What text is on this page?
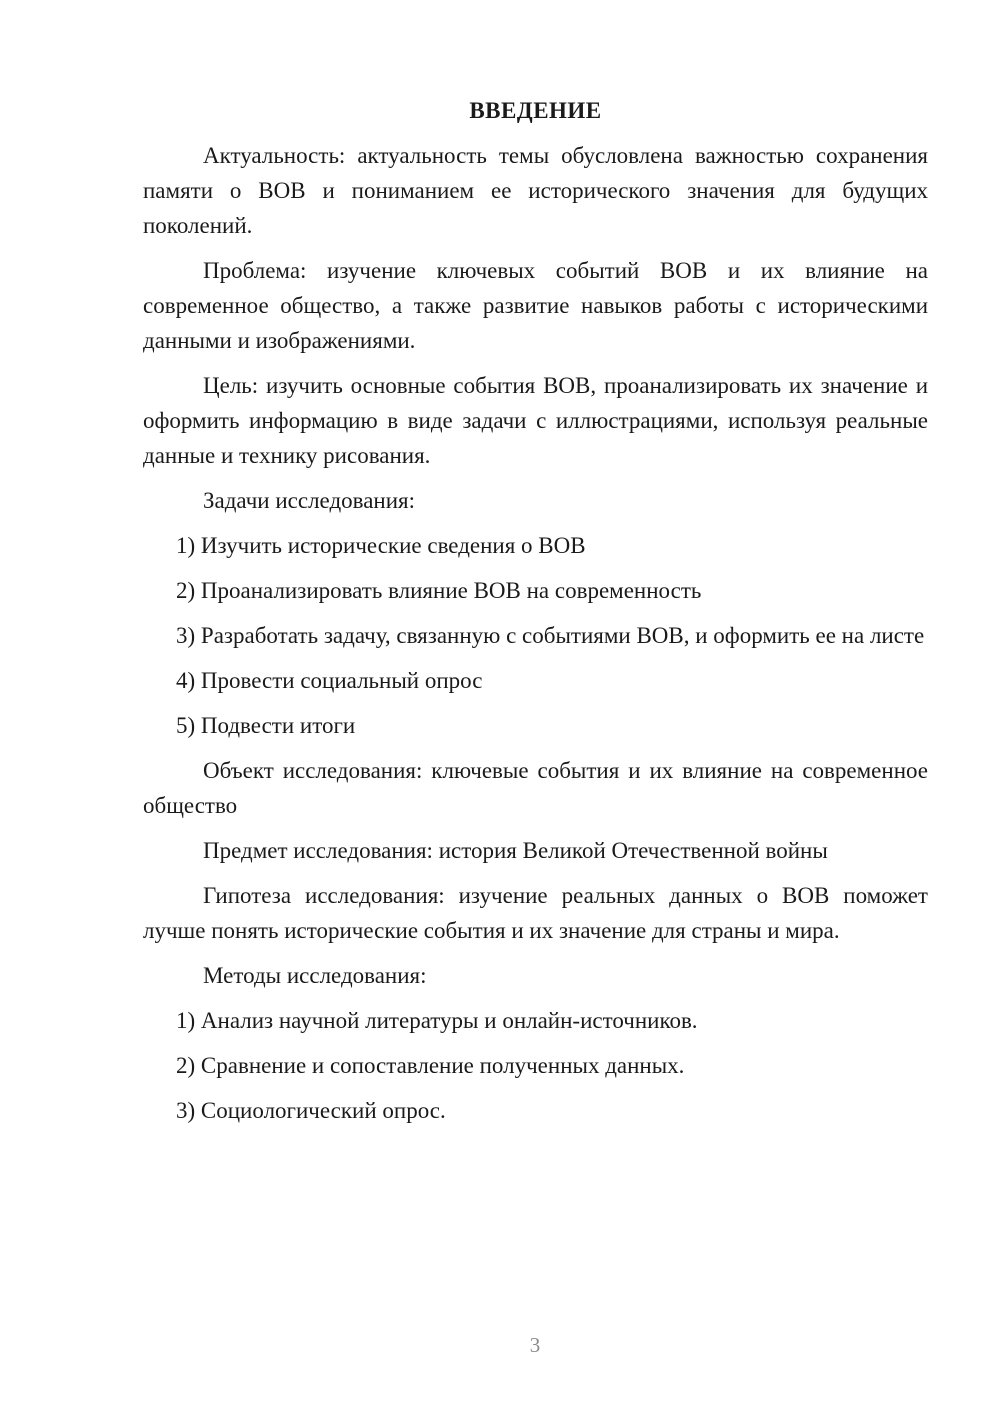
ВВЕДЕНИЕ

Актуальность: актуальность темы обусловлена важностью сохранения памяти о ВОВ и пониманием ее исторического значения для будущих поколений.

Проблема: изучение ключевых событий ВОВ и их влияние на современное общество, а также развитие навыков работы с историческими данными и изображениями.

Цель: изучить основные события ВОВ, проанализировать их значение и оформить информацию в виде задачи с иллюстрациями, используя реальные данные и технику рисования.

Задачи исследования:

1) Изучить исторические сведения о ВОВ

2) Проанализировать влияние ВОВ на современность

3) Разработать задачу, связанную с событиями ВОВ, и оформить ее на листе

4) Провести социальный опрос

5) Подвести итоги

Объект исследования: ключевые события и их влияние на современное общество

Предмет исследования: история Великой Отечественной войны

Гипотеза исследования: изучение реальных данных о ВОВ поможет лучше понять исторические события и их значение для страны и мира.

Методы исследования:

1) Анализ научной литературы и онлайн-источников.

2) Сравнение и сопоставление полученных данных.

3) Социологический опрос.

3
